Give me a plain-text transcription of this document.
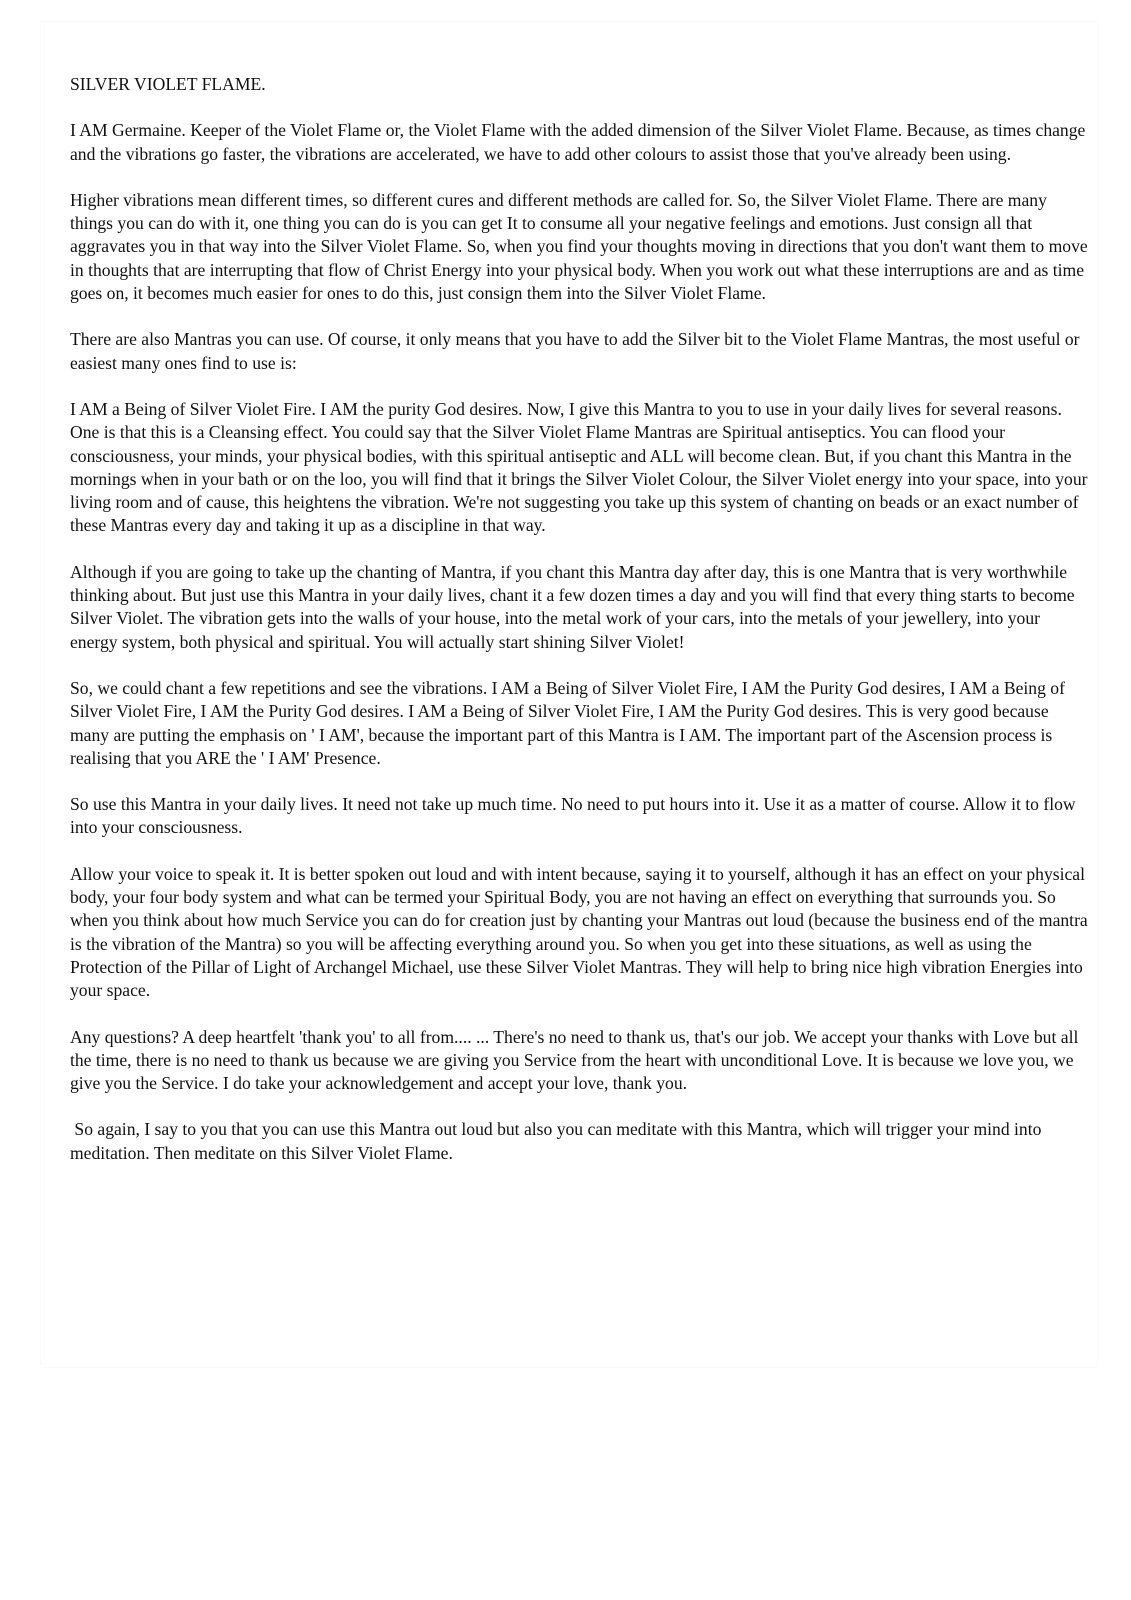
SILVER VIOLET FLAME.

I AM Germaine. Keeper of the Violet Flame or, the Violet Flame with the added dimension of the Silver Violet Flame. Because, as times change and the vibrations go faster, the vibrations are accelerated, we have to add other colours to assist those that you've already been using.

Higher vibrations mean different times, so different cures and different methods are called for. So, the Silver Violet Flame. There are many things you can do with it, one thing you can do is you can get It to consume all your negative feelings and emotions. Just consign all that aggravates you in that way into the Silver Violet Flame. So, when you find your thoughts moving in directions that you don't want them to move in thoughts that are interrupting that flow of Christ Energy into your physical body. When you work out what these interruptions are and as time goes on, it becomes much easier for ones to do this, just consign them into the Silver Violet Flame.

There are also Mantras you can use. Of course, it only means that you have to add the Silver bit to the Violet Flame Mantras, the most useful or easiest many ones find to use is:

I AM a Being of Silver Violet Fire. I AM the purity God desires. Now, I give this Mantra to you to use in your daily lives for several reasons. One is that this is a Cleansing effect. You could say that the Silver Violet Flame Mantras are Spiritual antiseptics. You can flood your consciousness, your minds, your physical bodies, with this spiritual antiseptic and ALL will become clean. But, if you chant this Mantra in the mornings when in your bath or on the loo, you will find that it brings the Silver Violet Colour, the Silver Violet energy into your space, into your living room and of cause, this heightens the vibration. We're not suggesting you take up this system of chanting on beads or an exact number of these Mantras every day and taking it up as a discipline in that way.

Although if you are going to take up the chanting of Mantra, if you chant this Mantra day after day, this is one Mantra that is very worthwhile thinking about. But just use this Mantra in your daily lives, chant it a few dozen times a day and you will find that every thing starts to become Silver Violet. The vibration gets into the walls of your house, into the metal work of your cars, into the metals of your jewellery, into your energy system, both physical and spiritual. You will actually start shining Silver Violet!

So, we could chant a few repetitions and see the vibrations. I AM a Being of Silver Violet Fire, I AM the Purity God desires, I AM a Being of Silver Violet Fire, I AM the Purity God desires. I AM a Being of Silver Violet Fire, I AM the Purity God desires. This is very good because many are putting the emphasis on ' I AM', because the important part of this Mantra is I AM. The important part of the Ascension process is realising that you ARE the ' I AM' Presence.

So use this Mantra in your daily lives. It need not take up much time. No need to put hours into it. Use it as a matter of course. Allow it to flow into your consciousness.

Allow your voice to speak it. It is better spoken out loud and with intent because, saying it to yourself, although it has an effect on your physical body, your four body system and what can be termed your Spiritual Body, you are not having an effect on everything that surrounds you. So when you think about how much Service you can do for creation just by chanting your Mantras out loud (because the business end of the mantra is the vibration of the Mantra) so you will be affecting everything around you. So when you get into these situations, as well as using the Protection of the Pillar of Light of Archangel Michael, use these Silver Violet Mantras. They will help to bring nice high vibration Energies into your space.

Any questions? A deep heartfelt 'thank you' to all from.... ... There's no need to thank us, that's our job. We accept your thanks with Love but all the time, there is no need to thank us because we are giving you Service from the heart with unconditional Love. It is because we love you, we give you the Service. I do take your acknowledgement and accept your love, thank you.

So again, I say to you that you can use this Mantra out loud but also you can meditate with this Mantra, which will trigger your mind into meditation. Then meditate on this Silver Violet Flame.
